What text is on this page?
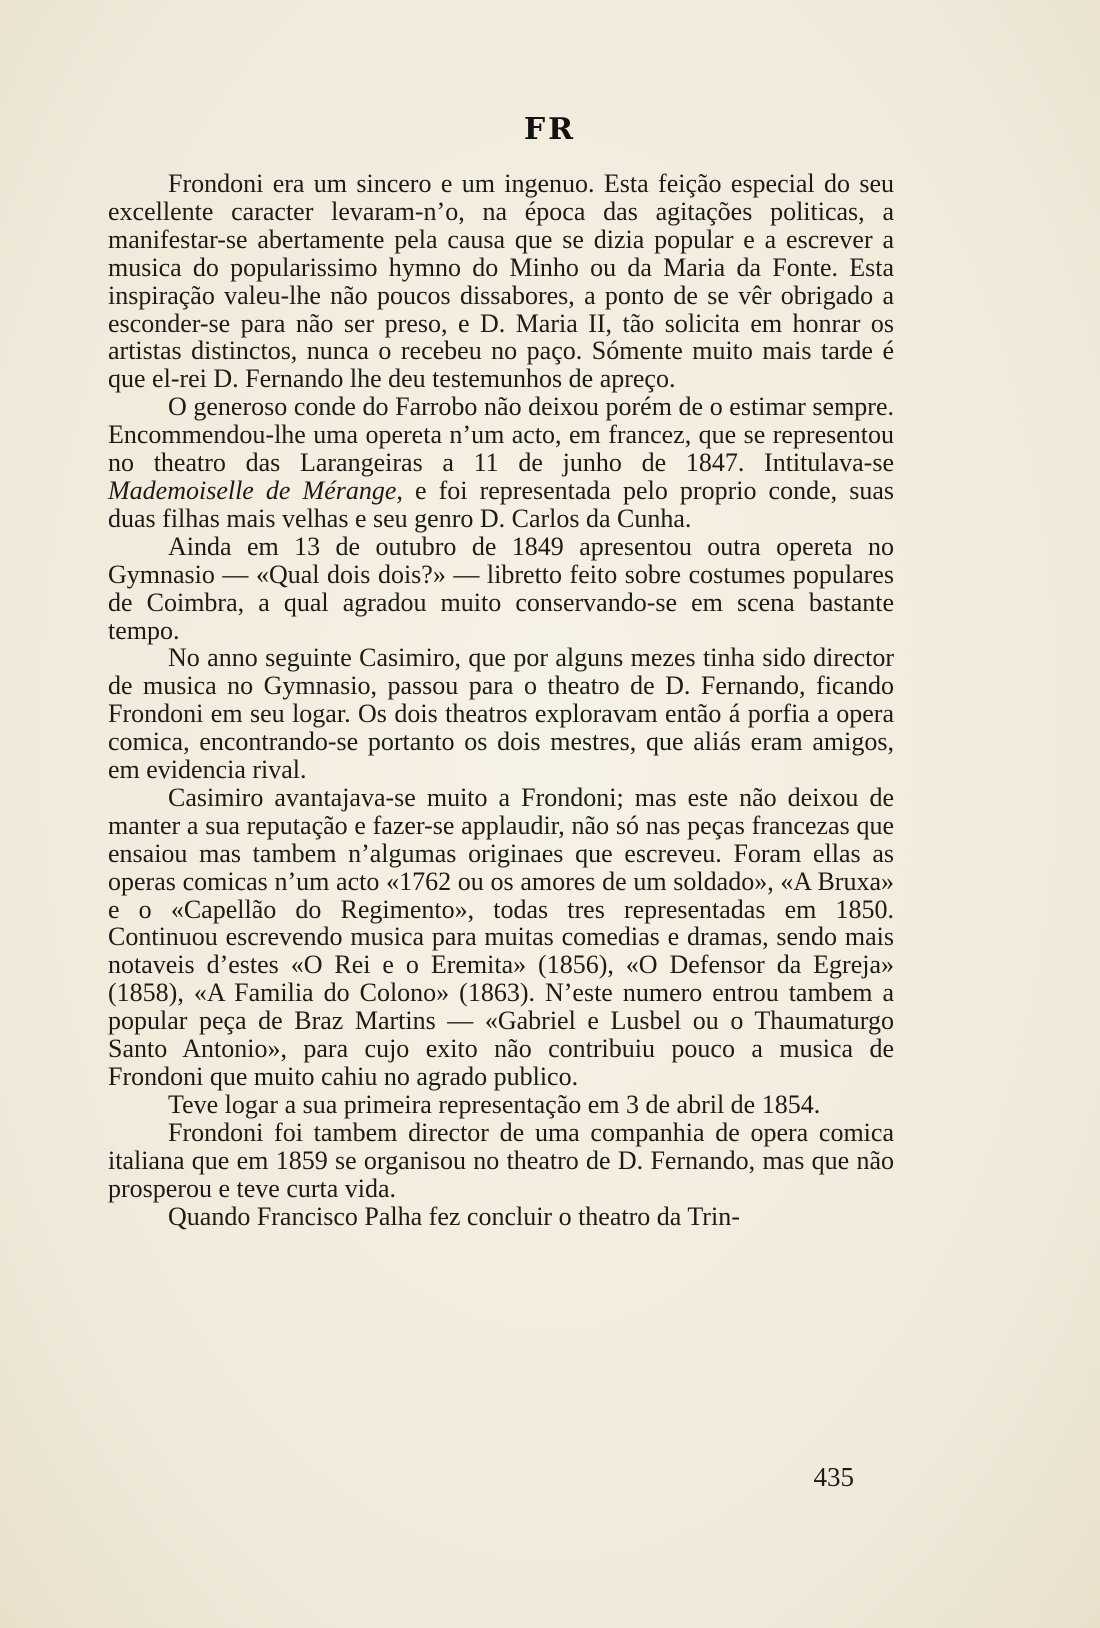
FR

Frondoni era um sincero e um ingenuo. Esta feição especial do seu excellente caracter levaram-n’o, na época das agitações politicas, a manifestar-se abertamente pela causa que se dizia popular e a escrever a musica do popularissimo hymno do Minho ou da Maria da Fonte. Esta inspiração valeu-lhe não poucos dissabores, a ponto de se vêr obrigado a esconder-se para não ser preso, e D. Maria II, tão solicita em honrar os artistas distinctos, nunca o recebeu no paço. Sómente muito mais tarde é que el-rei D. Fernando lhe deu testemunhos de apreço.

O generoso conde do Farrobo não deixou porém de o estimar sempre. Encommendou-lhe uma opereta n’um acto, em francez, que se representou no theatro das Larangeiras a 11 de junho de 1847. Intitulava-se Mademoiselle de Mérange, e foi representada pelo proprio conde, suas duas filhas mais velhas e seu genro D. Carlos da Cunha.

Ainda em 13 de outubro de 1849 apresentou outra opereta no Gymnasio — «Qual dois dois?» — libretto feito sobre costumes populares de Coimbra, a qual agradou muito conservando-se em scena bastante tempo.

No anno seguinte Casimiro, que por alguns mezes tinha sido director de musica no Gymnasio, passou para o theatro de D. Fernando, ficando Frondoni em seu logar. Os dois theatros exploravam então á porfia a opera comica, encontrando-se portanto os dois mestres, que aliás eram amigos, em evidencia rival.

Casimiro avantajava-se muito a Frondoni; mas este não deixou de manter a sua reputação e fazer-se applaudir, não só nas peças francezas que ensaiou mas tambem n’algumas originaes que escreveu. Foram ellas as operas comicas n’um acto «1762 ou os amores de um soldado», «A Bruxa» e o «Capellão do Regimento», todas tres representadas em 1850. Continuou escrevendo musica para muitas comedias e dramas, sendo mais notaveis d’estes «O Rei e o Eremita» (1856), «O Defensor da Egreja» (1858), «A Familia do Colono» (1863). N’este numero entrou tambem a popular peça de Braz Martins — «Gabriel e Lusbel ou o Thaumaturgo Santo Antonio», para cujo exito não contribuiu pouco a musica de Frondoni que muito cahiu no agrado publico.

Teve logar a sua primeira representação em 3 de abril de 1854.

Frondoni foi tambem director de uma companhia de opera comica italiana que em 1859 se organisou no theatro de D. Fernando, mas que não prosperou e teve curta vida.

Quando Francisco Palha fez concluir o theatro da Trin-

435
